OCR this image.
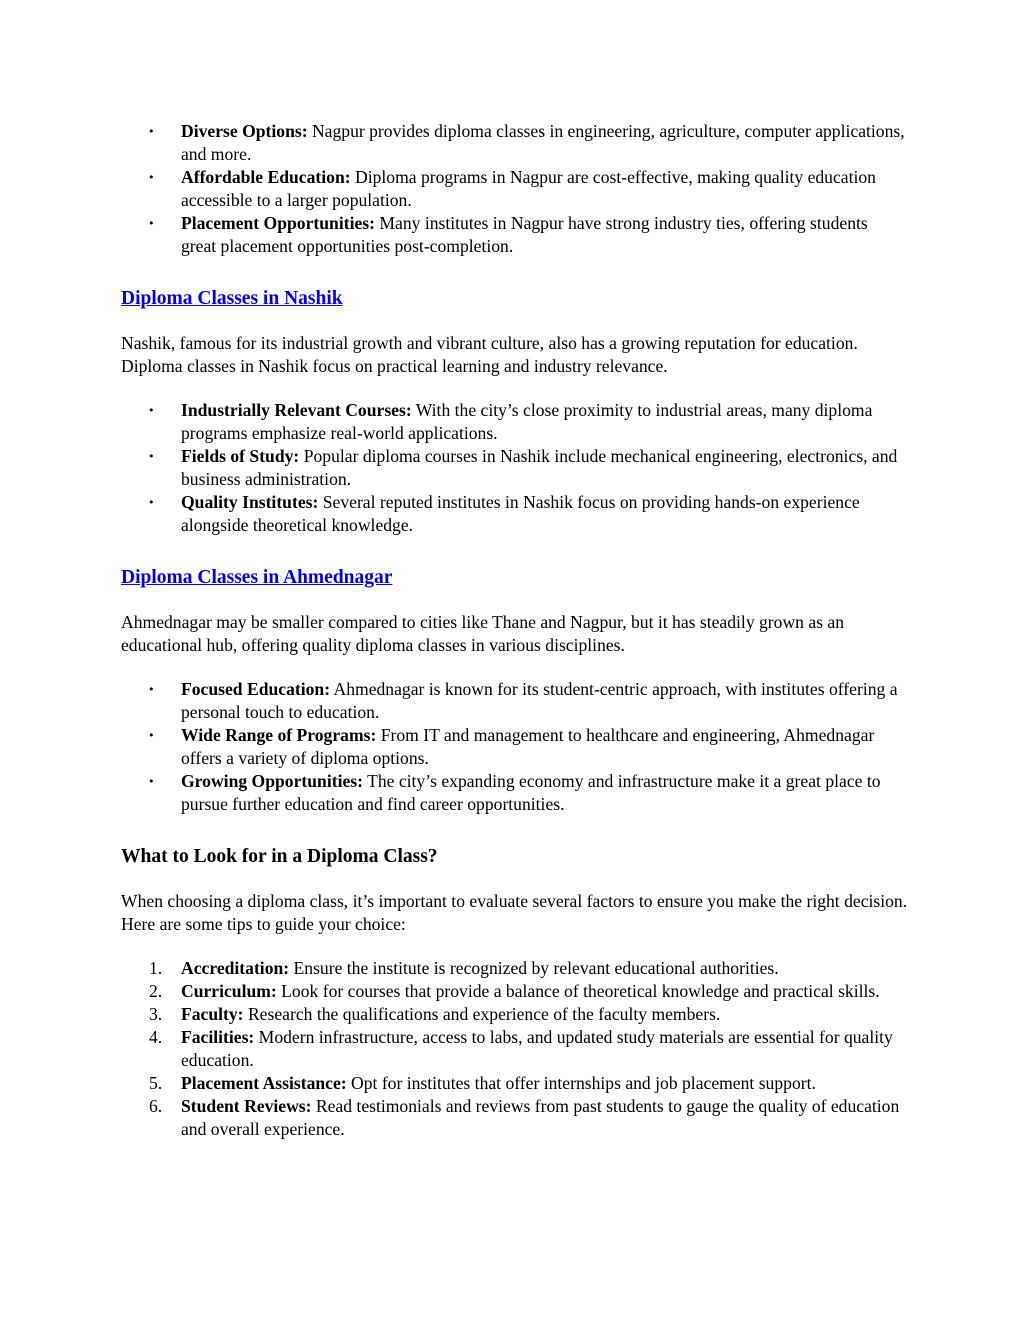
• Diverse Options: Nagpur provides diploma classes in engineering, agriculture, computer applications, and more.
• Affordable Education: Diploma programs in Nagpur are cost-effective, making quality education accessible to a larger population.
• Placement Opportunities: Many institutes in Nagpur have strong industry ties, offering students great placement opportunities post-completion.
Diploma Classes in Nashik

Nashik, famous for its industrial growth and vibrant culture, also has a growing reputation for education. Diploma classes in Nashik focus on practical learning and industry relevance.

• Industrially Relevant Courses: With the city’s close proximity to industrial areas, many diploma programs emphasize real-world applications.
• Fields of Study: Popular diploma courses in Nashik include mechanical engineering, electronics, and business administration.
• Quality Institutes: Several reputed institutes in Nashik focus on providing hands-on experience alongside theoretical knowledge.
Diploma Classes in Ahmednagar

Ahmednagar may be smaller compared to cities like Thane and Nagpur, but it has steadily grown as an educational hub, offering quality diploma classes in various disciplines.

• Focused Education: Ahmednagar is known for its student-centric approach, with institutes offering a personal touch to education.
• Wide Range of Programs: From IT and management to healthcare and engineering, Ahmednagar offers a variety of diploma options.
• Growing Opportunities: The city’s expanding economy and infrastructure make it a great place to pursue further education and find career opportunities.
What to Look for in a Diploma Class?

When choosing a diploma class, it’s important to evaluate several factors to ensure you make the right decision. Here are some tips to guide your choice:

1. Accreditation: Ensure the institute is recognized by relevant educational authorities.
2. Curriculum: Look for courses that provide a balance of theoretical knowledge and practical skills.
3. Faculty: Research the qualifications and experience of the faculty members.
4. Facilities: Modern infrastructure, access to labs, and updated study materials are essential for quality education.
5. Placement Assistance: Opt for institutes that offer internships and job placement support.
6. Student Reviews: Read testimonials and reviews from past students to gauge the quality of education and overall experience.
